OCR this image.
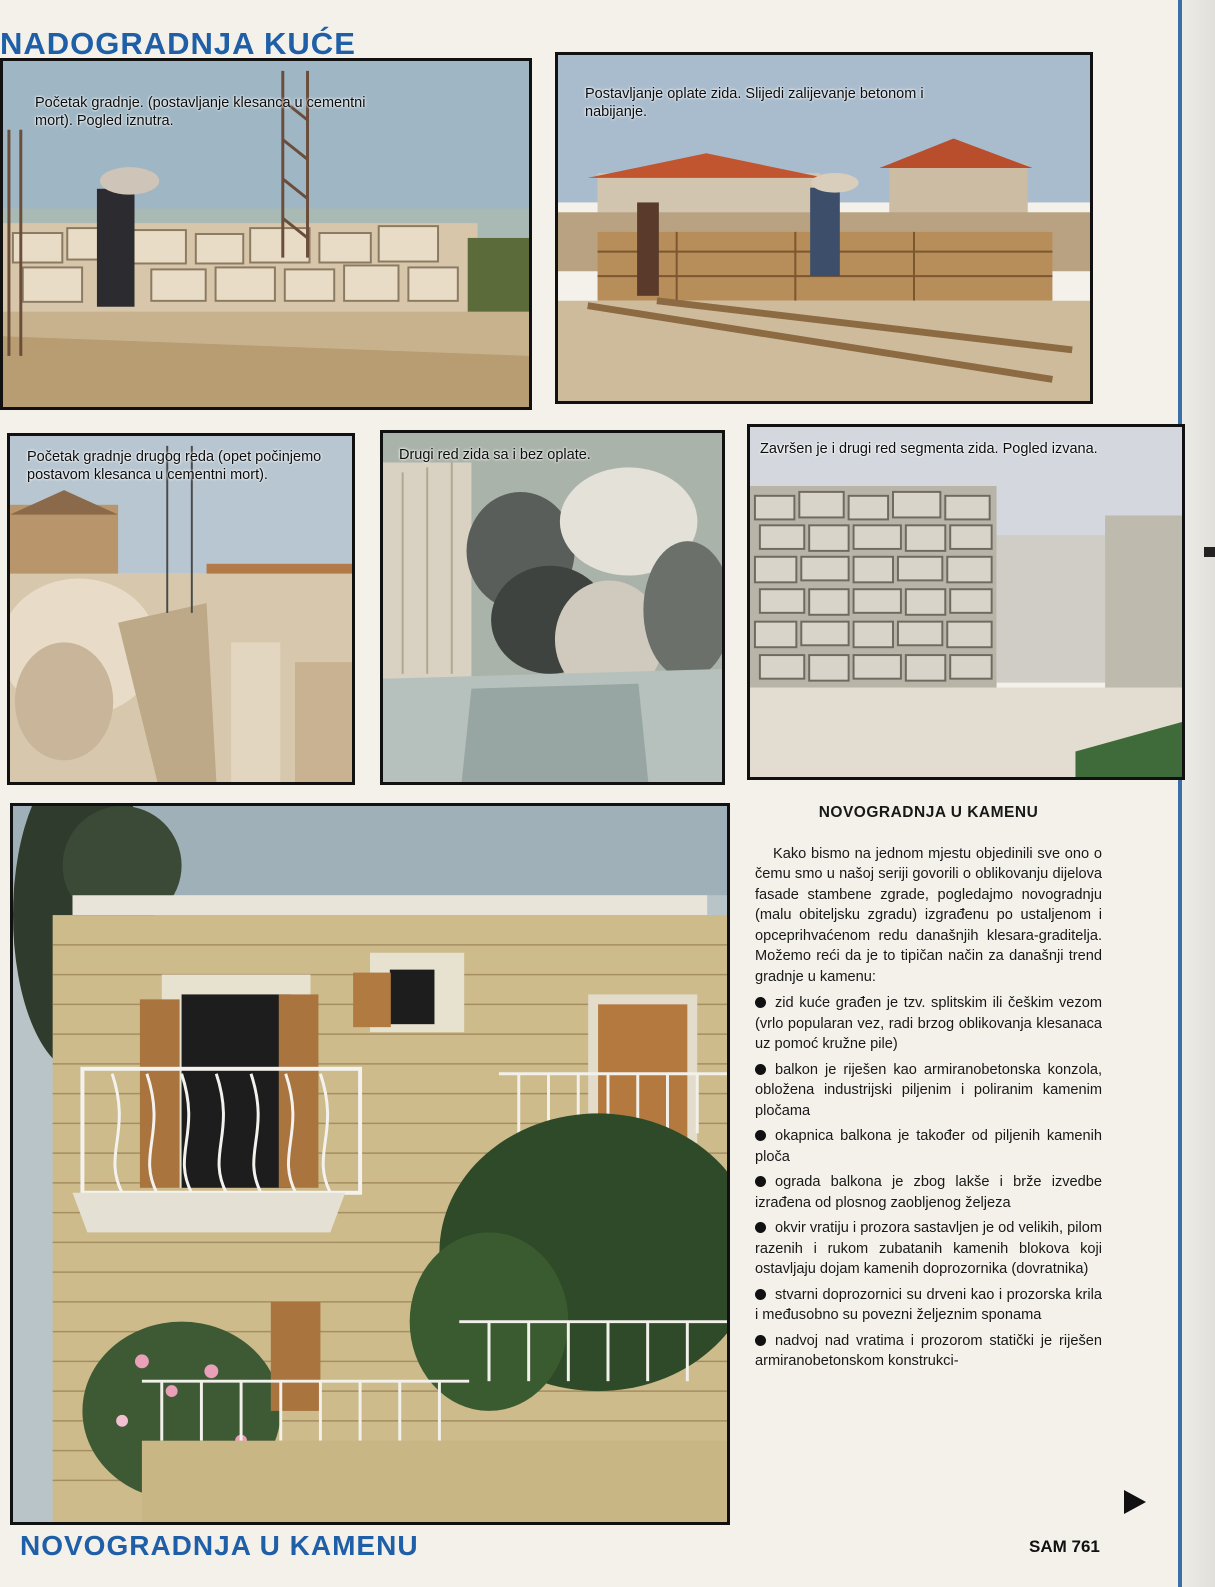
NADOGRADNJA KUĆE
Početak gradnje. (postavljanje klesanca u cementni mort). Pogled iznutra.
Postavljanje oplate zida. Slijedi zalijevanje betonom i nabijanje.
Početak gradnje drugog reda (opet počinjemo postavom klesanca u cementni mort).
Drugi red zida sa i bez oplate.	Završen je i drugi red segmenta zida. Pogled izvana.
NOVOGRADNJA U KAMENU

Kako bismo na jednom mjestu objedinili sve ono o čemu smo u našoj seriji govorili o oblikovanju dijelova fasade stambene zgrade, pogledajmo novogradnju (malu obiteljsku zgradu) izgrađenu po ustaljenom i opceprihvaćenom redu današnjih klesara-graditelja. Možemo reći da je to tipičan način za današnji trend gradnje u kamenu:

zid kuće građen je tzv. splitskim ili češkim vezom (vrlo popularan vez, radi brzog oblikovanja klesanaca uz pomoć kružne pile)
balkon je riješen kao armiranobetonska konzola, obložena industrijski piljenim i poliranim kamenim pločama
okapnica balkona je također od piljenih kamenih ploča
ograda balkona je zbog lakše i brže izvedbe izrađena od plosnog zaobljenog željeza
okvir vratiju i prozora sastavljen je od velikih, pilom razenih i rukom zubatanih kamenih blokova koji ostavljaju dojam kamenih doprozornika (dovratnika)
stvarni doprozornici su drveni kao i prozorska krila i međusobno su povezni željeznim sponama
nadvoj nad vratima i prozorom statički je riješen armiranobetonskom konstrukci-
NOVOGRADNJA U KAMENU	SAM 761
